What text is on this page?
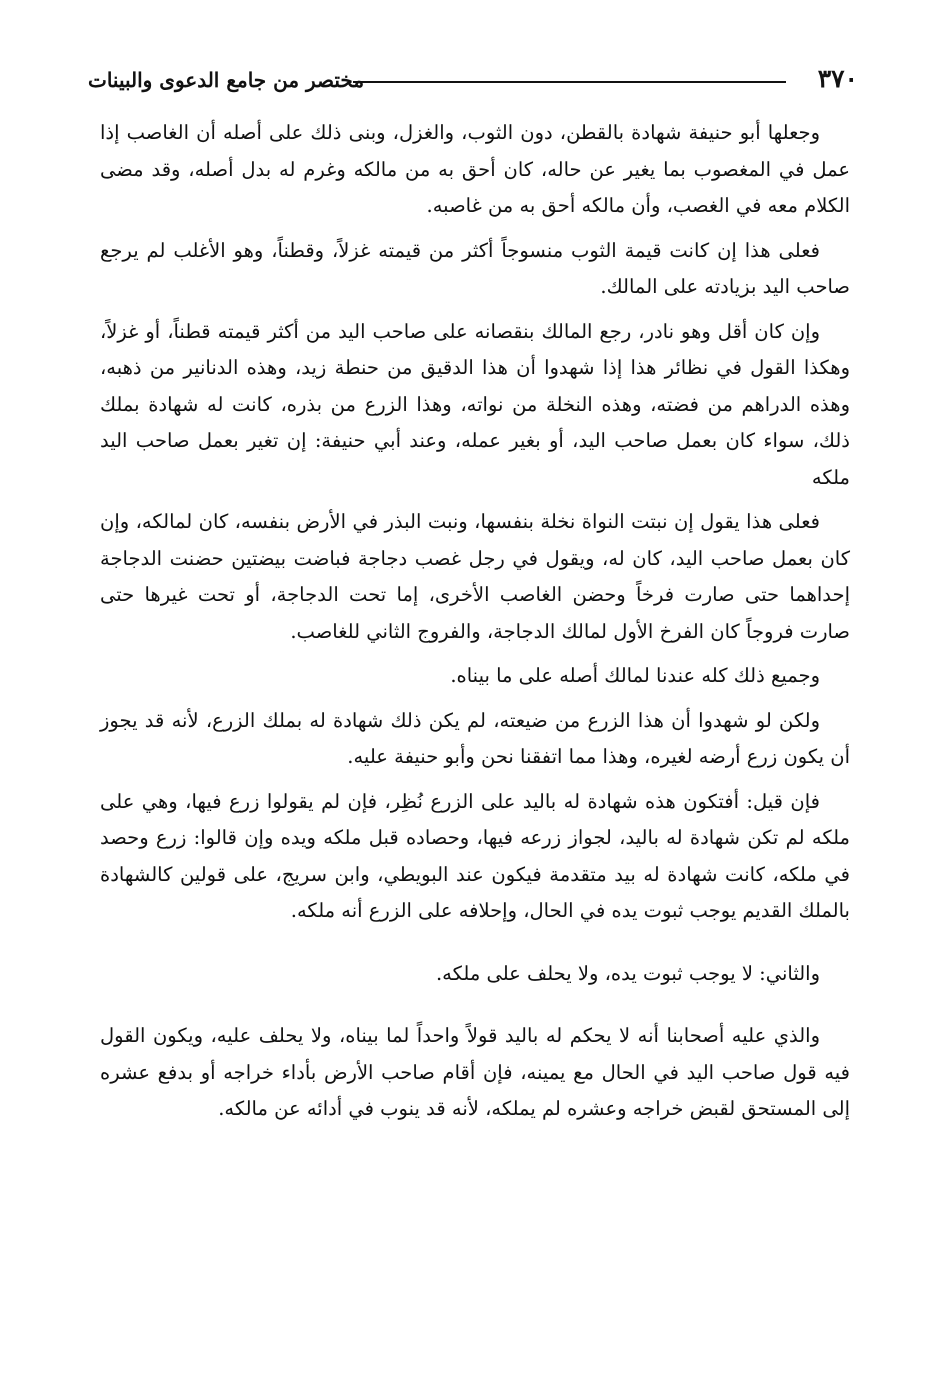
٣٧٠
مختصر من جامع الدعوى والبينات

وجعلها أبو حنيفة شهادة بالقطن، دون الثوب، والغزل، وبنى ذلك على أصله أن الغاصب إذا عمل في المغصوب بما يغير عن حاله، كان أحق به من مالكه وغرم له بدل أصله، وقد مضى الكلام معه في الغصب، وأن مالكه أحق به من غاصبه.

فعلى هذا إن كانت قيمة الثوب منسوجاً أكثر من قيمته غزلاً، وقطناً، وهو الأغلب لم يرجع صاحب اليد بزيادته على المالك.

وإن كان أقل وهو نادر، رجع المالك بنقصانه على صاحب اليد من أكثر قيمته قطناً، أو غزلاً، وهكذا القول في نظائر هذا إذا شهدوا أن هذا الدقيق من حنطة زيد، وهذه الدنانير من ذهبه، وهذه الدراهم من فضته، وهذه النخلة من نواته، وهذا الزرع من بذره، كانت له شهادة بملك ذلك، سواء كان بعمل صاحب اليد، أو بغير عمله، وعند أبي حنيفة: إن تغير بعمل صاحب اليد ملكه

فعلى هذا يقول إن نبتت النواة نخلة بنفسها، ونبت البذر في الأرض بنفسه، كان لمالكه، وإن كان بعمل صاحب اليد، كان له، ويقول في رجل غصب دجاجة فباضت بيضتين حضنت الدجاجة إحداهما حتى صارت فرخاً وحضن الغاصب الأخرى، إما تحت الدجاجة، أو تحت غيرها حتى صارت فروجاً كان الفرخ الأول لمالك الدجاجة، والفروج الثاني للغاصب.

وجميع ذلك كله عندنا لمالك أصله على ما بيناه.

ولكن لو شهدوا أن هذا الزرع من ضيعته، لم يكن ذلك شهادة له بملك الزرع، لأنه قد يجوز أن يكون زرع أرضه لغيره، وهذا مما اتفقنا نحن وأبو حنيفة عليه.

فإن قيل: أفتكون هذه شهادة له باليد على الزرع نُظِر، فإن لم يقولوا زرع فيها، وهي على ملكه لم تكن شهادة له باليد، لجواز زرعه فيها، وحصاده قبل ملكه ويده وإن قالوا: زرع وحصد في ملكه، كانت شهادة له بيد متقدمة فيكون عند البويطي، وابن سريج، على قولين كالشهادة بالملك القديم يوجب ثبوت يده في الحال، وإحلافه على الزرع أنه ملكه.

والثاني: لا يوجب ثبوت يده، ولا يحلف على ملكه.

والذي عليه أصحابنا أنه لا يحكم له باليد قولاً واحداً لما بيناه، ولا يحلف عليه، ويكون القول فيه قول صاحب اليد في الحال مع يمينه، فإن أقام صاحب الأرض بأداء خراجه أو بدفع عشره إلى المستحق لقبض خراجه وعشره لم يملكه، لأنه قد ينوب في أدائه عن مالكه.
